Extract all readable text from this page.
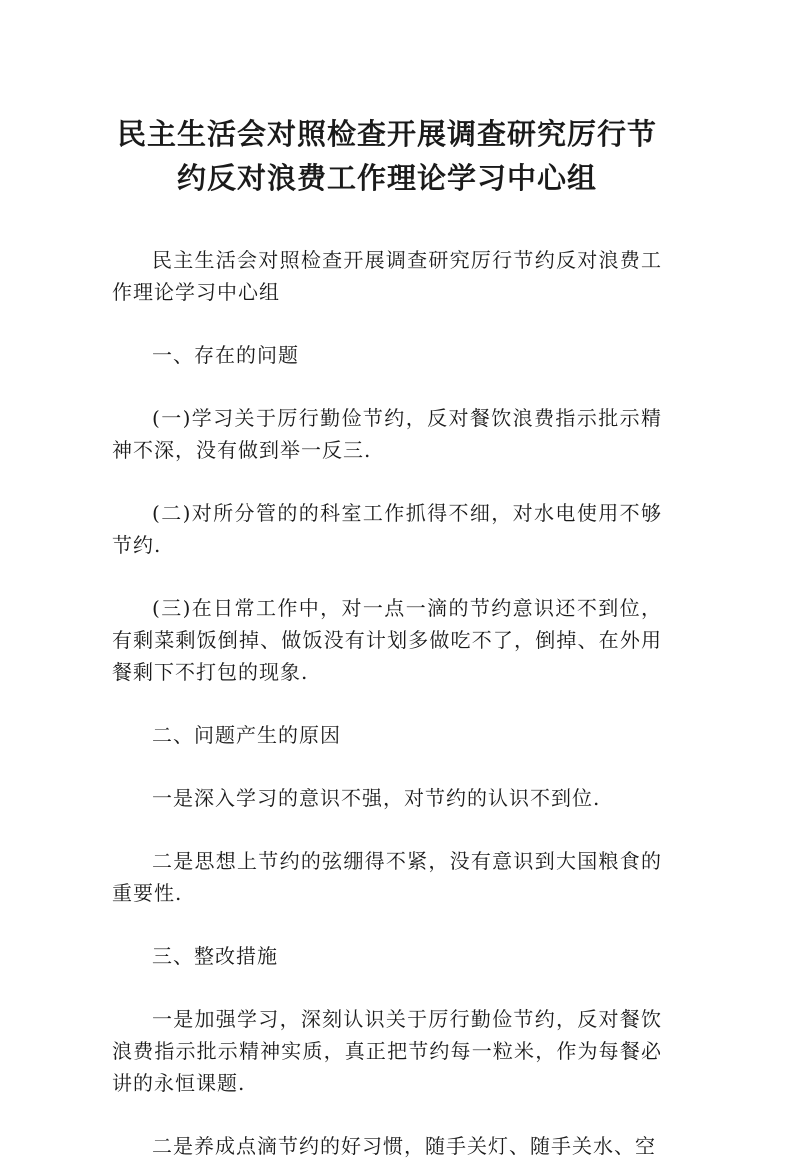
民主生活会对照检查开展调查研究厉行节
约反对浪费工作理论学习中心组

民主生活会对照检查开展调查研究厉行节约反对浪费工作理论学习中心组

一、存在的问题

(一)学习关于厉行勤俭节约，反对餐饮浪费指示批示精神不深，没有做到举一反三.

(二)对所分管的的科室工作抓得不细，对水电使用不够节约.

(三)在日常工作中，对一点一滴的节约意识还不到位，有剩菜剩饭倒掉、做饭没有计划多做吃不了，倒掉、在外用餐剩下不打包的现象.

二、问题产生的原因

一是深入学习的意识不强，对节约的认识不到位.

二是思想上节约的弦绷得不紧，没有意识到大国粮食的重要性.

三、整改措施

一是加强学习，深刻认识关于厉行勤俭节约，反对餐饮浪费指示批示精神实质，真正把节约每一粒米，作为每餐必讲的永恒课题.

二是养成点滴节约的好习惯，随手关灯、随手关水、空
